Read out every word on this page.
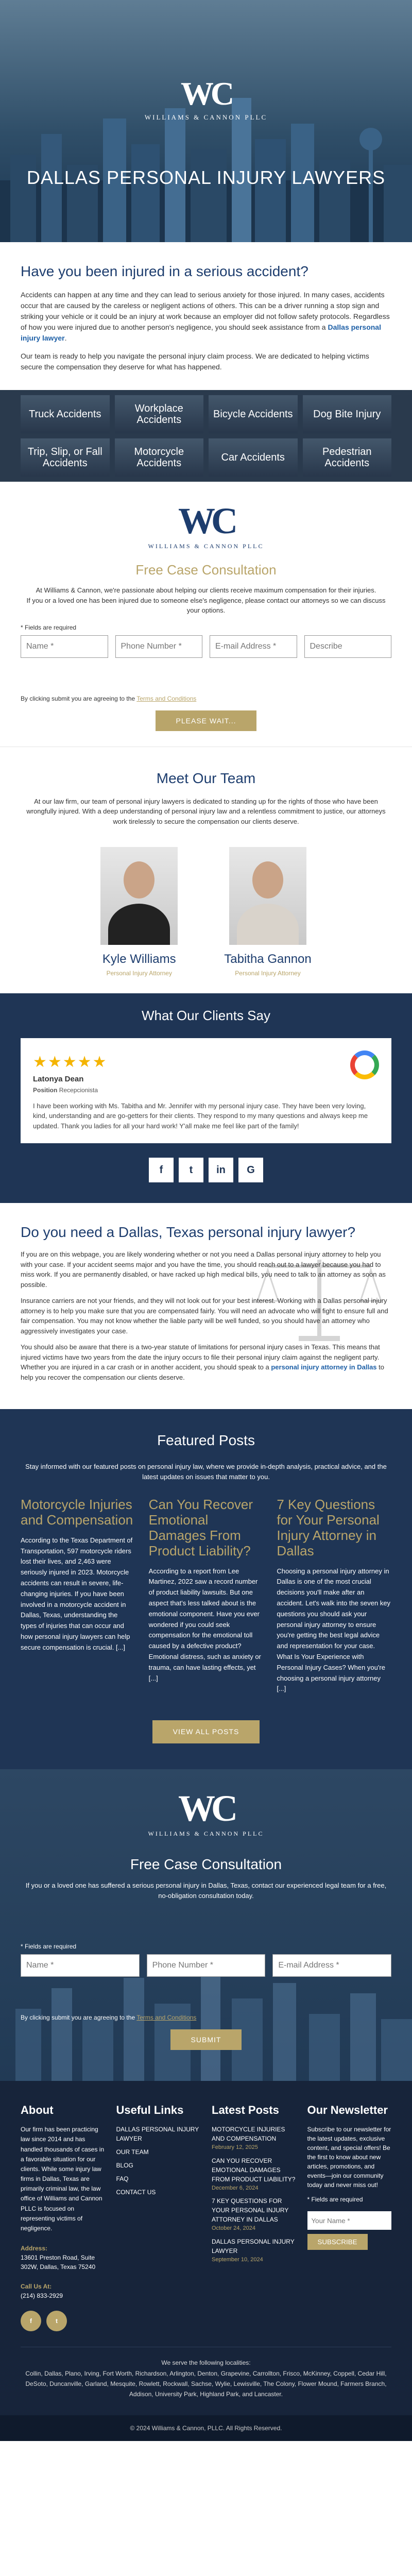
WC
WILLIAMS & CANNON PLLC
DALLAS PERSONAL INJURY LAWYERS
Have you been injured in a serious accident?

Accidents can happen at any time and they can lead to serious anxiety for those injured. In many cases, accidents occur that are caused by the careless or negligent actions of others. This can be a driver running a stop sign and striking your vehicle or it could be an injury at work because an employer did not follow safety protocols. Regardless of how you were injured due to another person's negligence, you should seek assistance from a Dallas personal injury lawyer.

Our team is ready to help you navigate the personal injury claim process. We are dedicated to helping victims secure the compensation they deserve for what has happened.

Truck Accidents	Workplace Accidents	Bicycle Accidents	Dog Bite Injury
Trip, Slip, or Fall Accidents
Motorcycle Accidents	Car Accidents	Pedestrian Accidents
WC
WILLIAMS & CANNON PLLC
Free Case Consultation

At Williams & Cannon, we're passionate about helping our clients receive maximum compensation for their injuries.

If you or a loved one has been injured due to someone else's negligence, please contact our attorneys so we can discuss your options.

* Fields are required
Name *
Phone Number *
E-mail Address *
Describe
By clicking submit you are agreeing to the Terms and Conditions
PLEASE WAIT...
Meet Our Team

At our law firm, our team of personal injury lawyers is dedicated to standing up for the rights of those who have been wrongfully injured. With a deep understanding of personal injury law and a relentless commitment to justice, our attorneys work tirelessly to secure the compensation our clients deserve.

Kyle Williams
Personal Injury Attorney
Tabitha Gannon
Personal Injury Attorney
What Our Clients Say
★★★★★
Latonya Dean
Position Recepcionista
I have been working with Ms. Tabitha and Mr. Jennifer with my personal injury case. They have been very loving, kind, understanding and are go-getters for their clients. They respond to my many questions and always keep me updated. Thank you ladies for all your hard work! Y'all make me feel like part of the family!
f	t	in	G
Do you need a Dallas, Texas personal injury lawyer?

If you are on this webpage, you are likely wondering whether or not you need a Dallas personal injury attorney to help you with your case. If your accident seems major and you have the time, you should reach out to a lawyer because you had to miss work. If you are permanently disabled, or have racked up high medical bills, you need to talk to an attorney as soon as possible.

Insurance carriers are not your friends, and they will not look out for your best interest. Working with a Dallas personal injury attorney is to help you make sure that you are compensated fairly. You will need an advocate who will fight to ensure full and fair compensation. You may not know whether the liable party will be well funded, so you should have an attorney who aggressively investigates your case.

You should also be aware that there is a two-year statute of limitations for personal injury cases in Texas. This means that injured victims have two years from the date the injury occurs to file their personal injury claim against the negligent party. Whether you are injured in a car crash or in another accident, you should speak to a personal injury attorney in Dallas to help you recover the compensation our clients deserve.

Featured Posts

Stay informed with our featured posts on personal injury law, where we provide in-depth analysis, practical advice, and the latest updates on issues that matter to you.

Motorcycle Injuries and Compensation

According to the Texas Department of Transportation, 597 motorcycle riders lost their lives, and 2,463 were seriously injured in 2023. Motorcycle accidents can result in severe, life-changing injuries. If you have been involved in a motorcycle accident in Dallas, Texas, understanding the types of injuries that can occur and how personal injury lawyers can help secure compensation is crucial. [...]

Can You Recover Emotional Damages From Product Liability?

According to a report from Lee Martinez, 2022 saw a record number of product liability lawsuits. But one aspect that's less talked about is the emotional component. Have you ever wondered if you could seek compensation for the emotional toll caused by a defective product? Emotional distress, such as anxiety or trauma, can have lasting effects, yet [...]

7 Key Questions for Your Personal Injury Attorney in Dallas

Choosing a personal injury attorney in Dallas is one of the most crucial decisions you'll make after an accident. Let's walk into the seven key questions you should ask your personal injury attorney to ensure you're getting the best legal advice and representation for your case. What Is Your Experience with Personal Injury Cases? When you're choosing a personal injury attorney [...]

VIEW ALL POSTS
WC
WILLIAMS & CANNON PLLC
Free Case Consultation

If you or a loved one has suffered a serious personal injury in Dallas, Texas, contact our experienced legal team for a free, no-obligation consultation today.

* Fields are required
Name *
Phone Number *
E-mail Address *
By clicking submit you are agreeing to the Terms and Conditions
SUBMIT
About
Our firm has been practicing law since 2014 and has handled thousands of cases in a favorable situation for our clients. While some injury law firms in Dallas, Texas are primarily criminal law, the law office of Williams and Cannon PLLC is focused on representing victims of negligence.
Address:
13601 Preston Road, Suite 302W, Dallas, Texas 75240
Call Us At:
(214) 833-2929
f	t
Useful Links
DALLAS PERSONAL INJURY LAWYER
OUR TEAM
BLOG
FAQ
CONTACT US
Latest Posts
MOTORCYCLE INJURIES AND COMPENSATION
February 12, 2025
CAN YOU RECOVER EMOTIONAL DAMAGES FROM PRODUCT LIABILITY?
December 6, 2024
7 KEY QUESTIONS FOR YOUR PERSONAL INJURY ATTORNEY IN DALLAS
October 24, 2024
DALLAS PERSONAL INJURY LAWYER
September 10, 2024
Our Newsletter
Subscribe to our newsletter for the latest updates, exclusive content, and special offers! Be the first to know about new articles, promotions, and events—join our community today and never miss out!
* Fields are required
Your Name * SUBSCRIBE
We serve the following localities:
Collin, Dallas, Plano, Irving, Fort Worth, Richardson, Arlington, Denton, Grapevine, Carrollton, Frisco, McKinney, Coppell, Cedar Hill, DeSoto, Duncanville, Garland, Mesquite, Rowlett, Rockwall, Sachse, Wylie, Lewisville, The Colony, Flower Mound, Farmers Branch, Addison, University Park, Highland Park, and Lancaster.
© 2024 Williams & Cannon, PLLC. All Rights Reserved.
